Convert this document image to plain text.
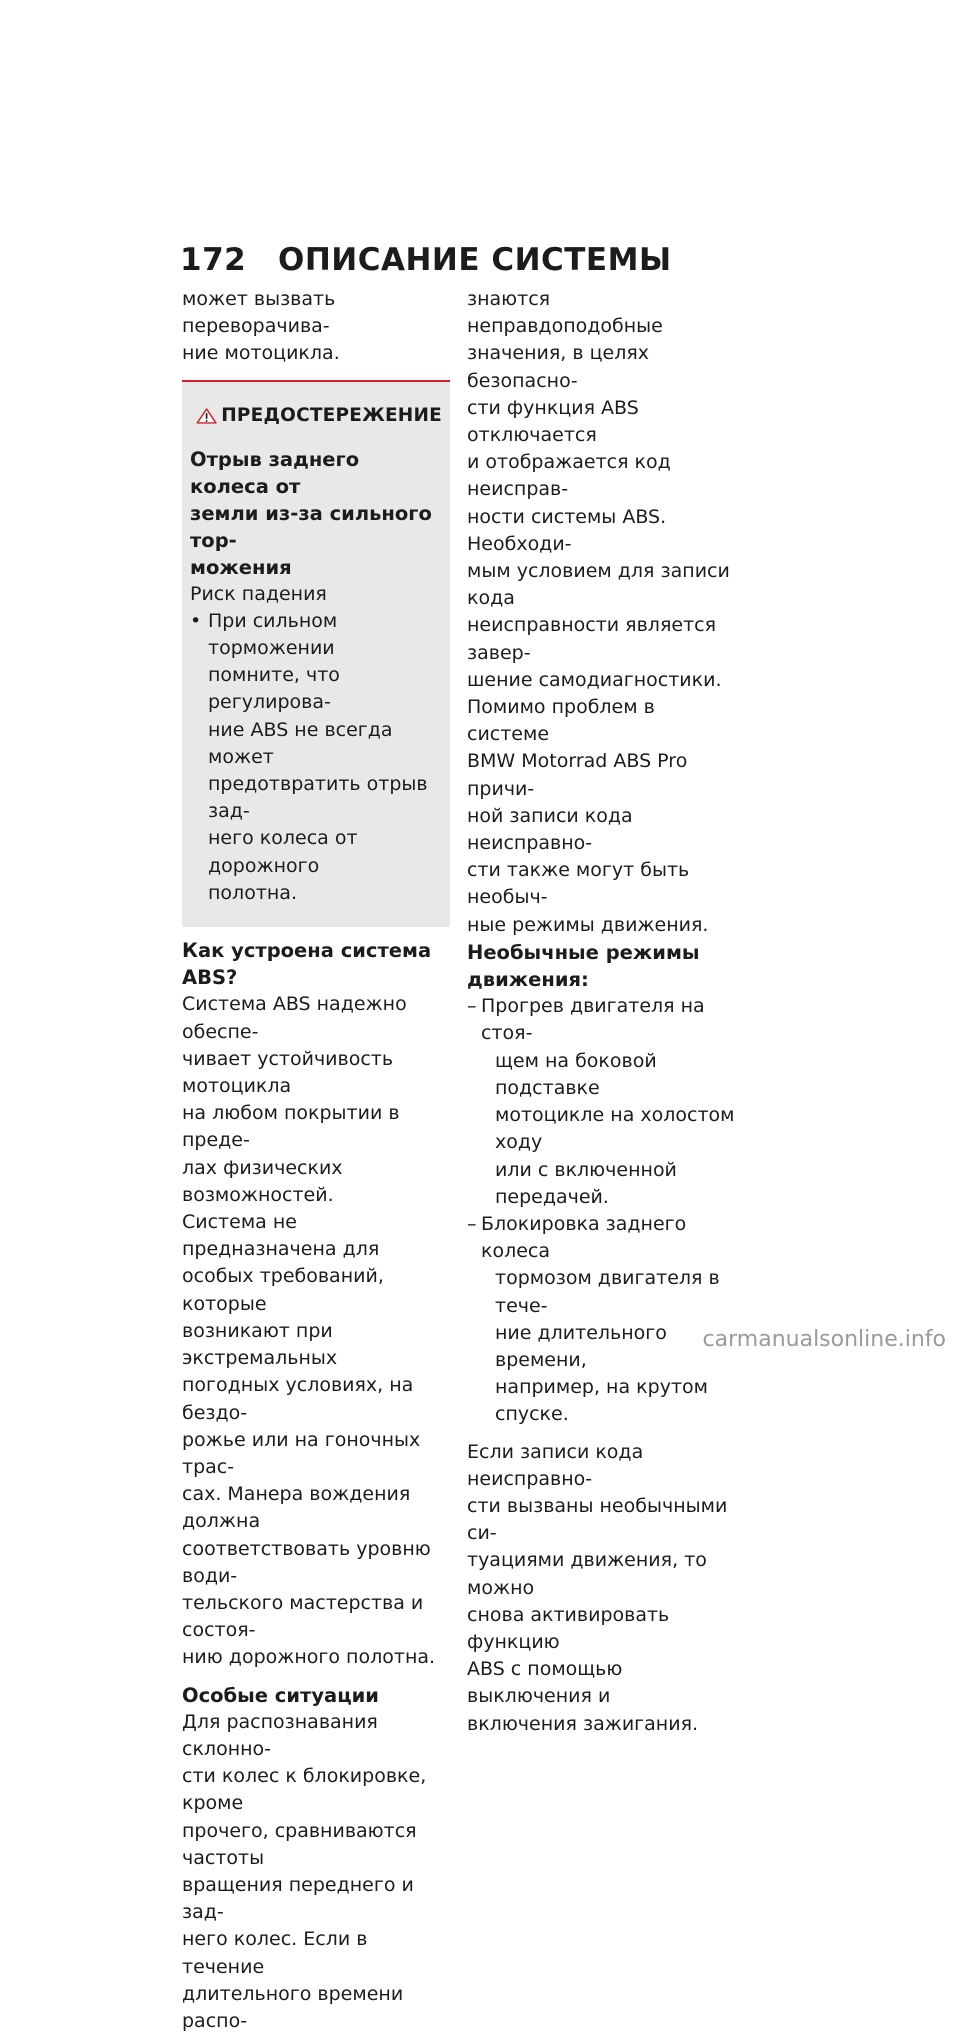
172 ОПИСАНИЕ СИСТЕМЫ

может вызвать переворачива-

ние мотоцикла.

ПРЕДОСТЕРЕЖЕНИЕ

Отрыв заднего колеса от

земли из-за сильного тор-

можения

Риск падения

• При сильном торможении

помните, что регулирова-

ние ABS не всегда может

предотвратить отрыв зад-

него колеса от дорожного

полотна.

Как устроена система ABS?

Система ABS надежно обеспе-

чивает устойчивость мотоцикла

на любом покрытии в преде-

лах физических возможностей.

Система не предназначена для

особых требований, которые

возникают при экстремальных

погодных условиях, на бездо-

рожье или на гоночных трас-

сах. Манера вождения должна

соответствовать уровню води-

тельского мастерства и состоя-

нию дорожного полотна.

Особые ситуации

Для распознавания склонно-

сти колес к блокировке, кроме

прочего, сравниваются частоты

вращения переднего и зад-

него колес. Если в течение

длительного времени распо-

знаются неправдоподобные

значения, в целях безопасно-

сти функция ABS отключается

и отображается код неисправ-

ности системы ABS. Необходи-

мым условием для записи кода

неисправности является завер-

шение самодиагностики.

Помимо проблем в системе

BMW Motorrad ABS Pro причи-

ной записи кода неисправно-

сти также могут быть необыч-

ные режимы движения.

Необычные режимы

движения:

– Прогрев двигателя на стоя-

щем на боковой подставке

мотоцикле на холостом ходу

или с включенной передачей.

– Блокировка заднего колеса

тормозом двигателя в тече-

ние длительного времени,

например, на крутом спуске.

Если записи кода неисправно-

сти вызваны необычными си-

туациями движения, то можно

снова активировать функцию

ABS с помощью выключения и

включения зажигания.

carmanualsonline.info
